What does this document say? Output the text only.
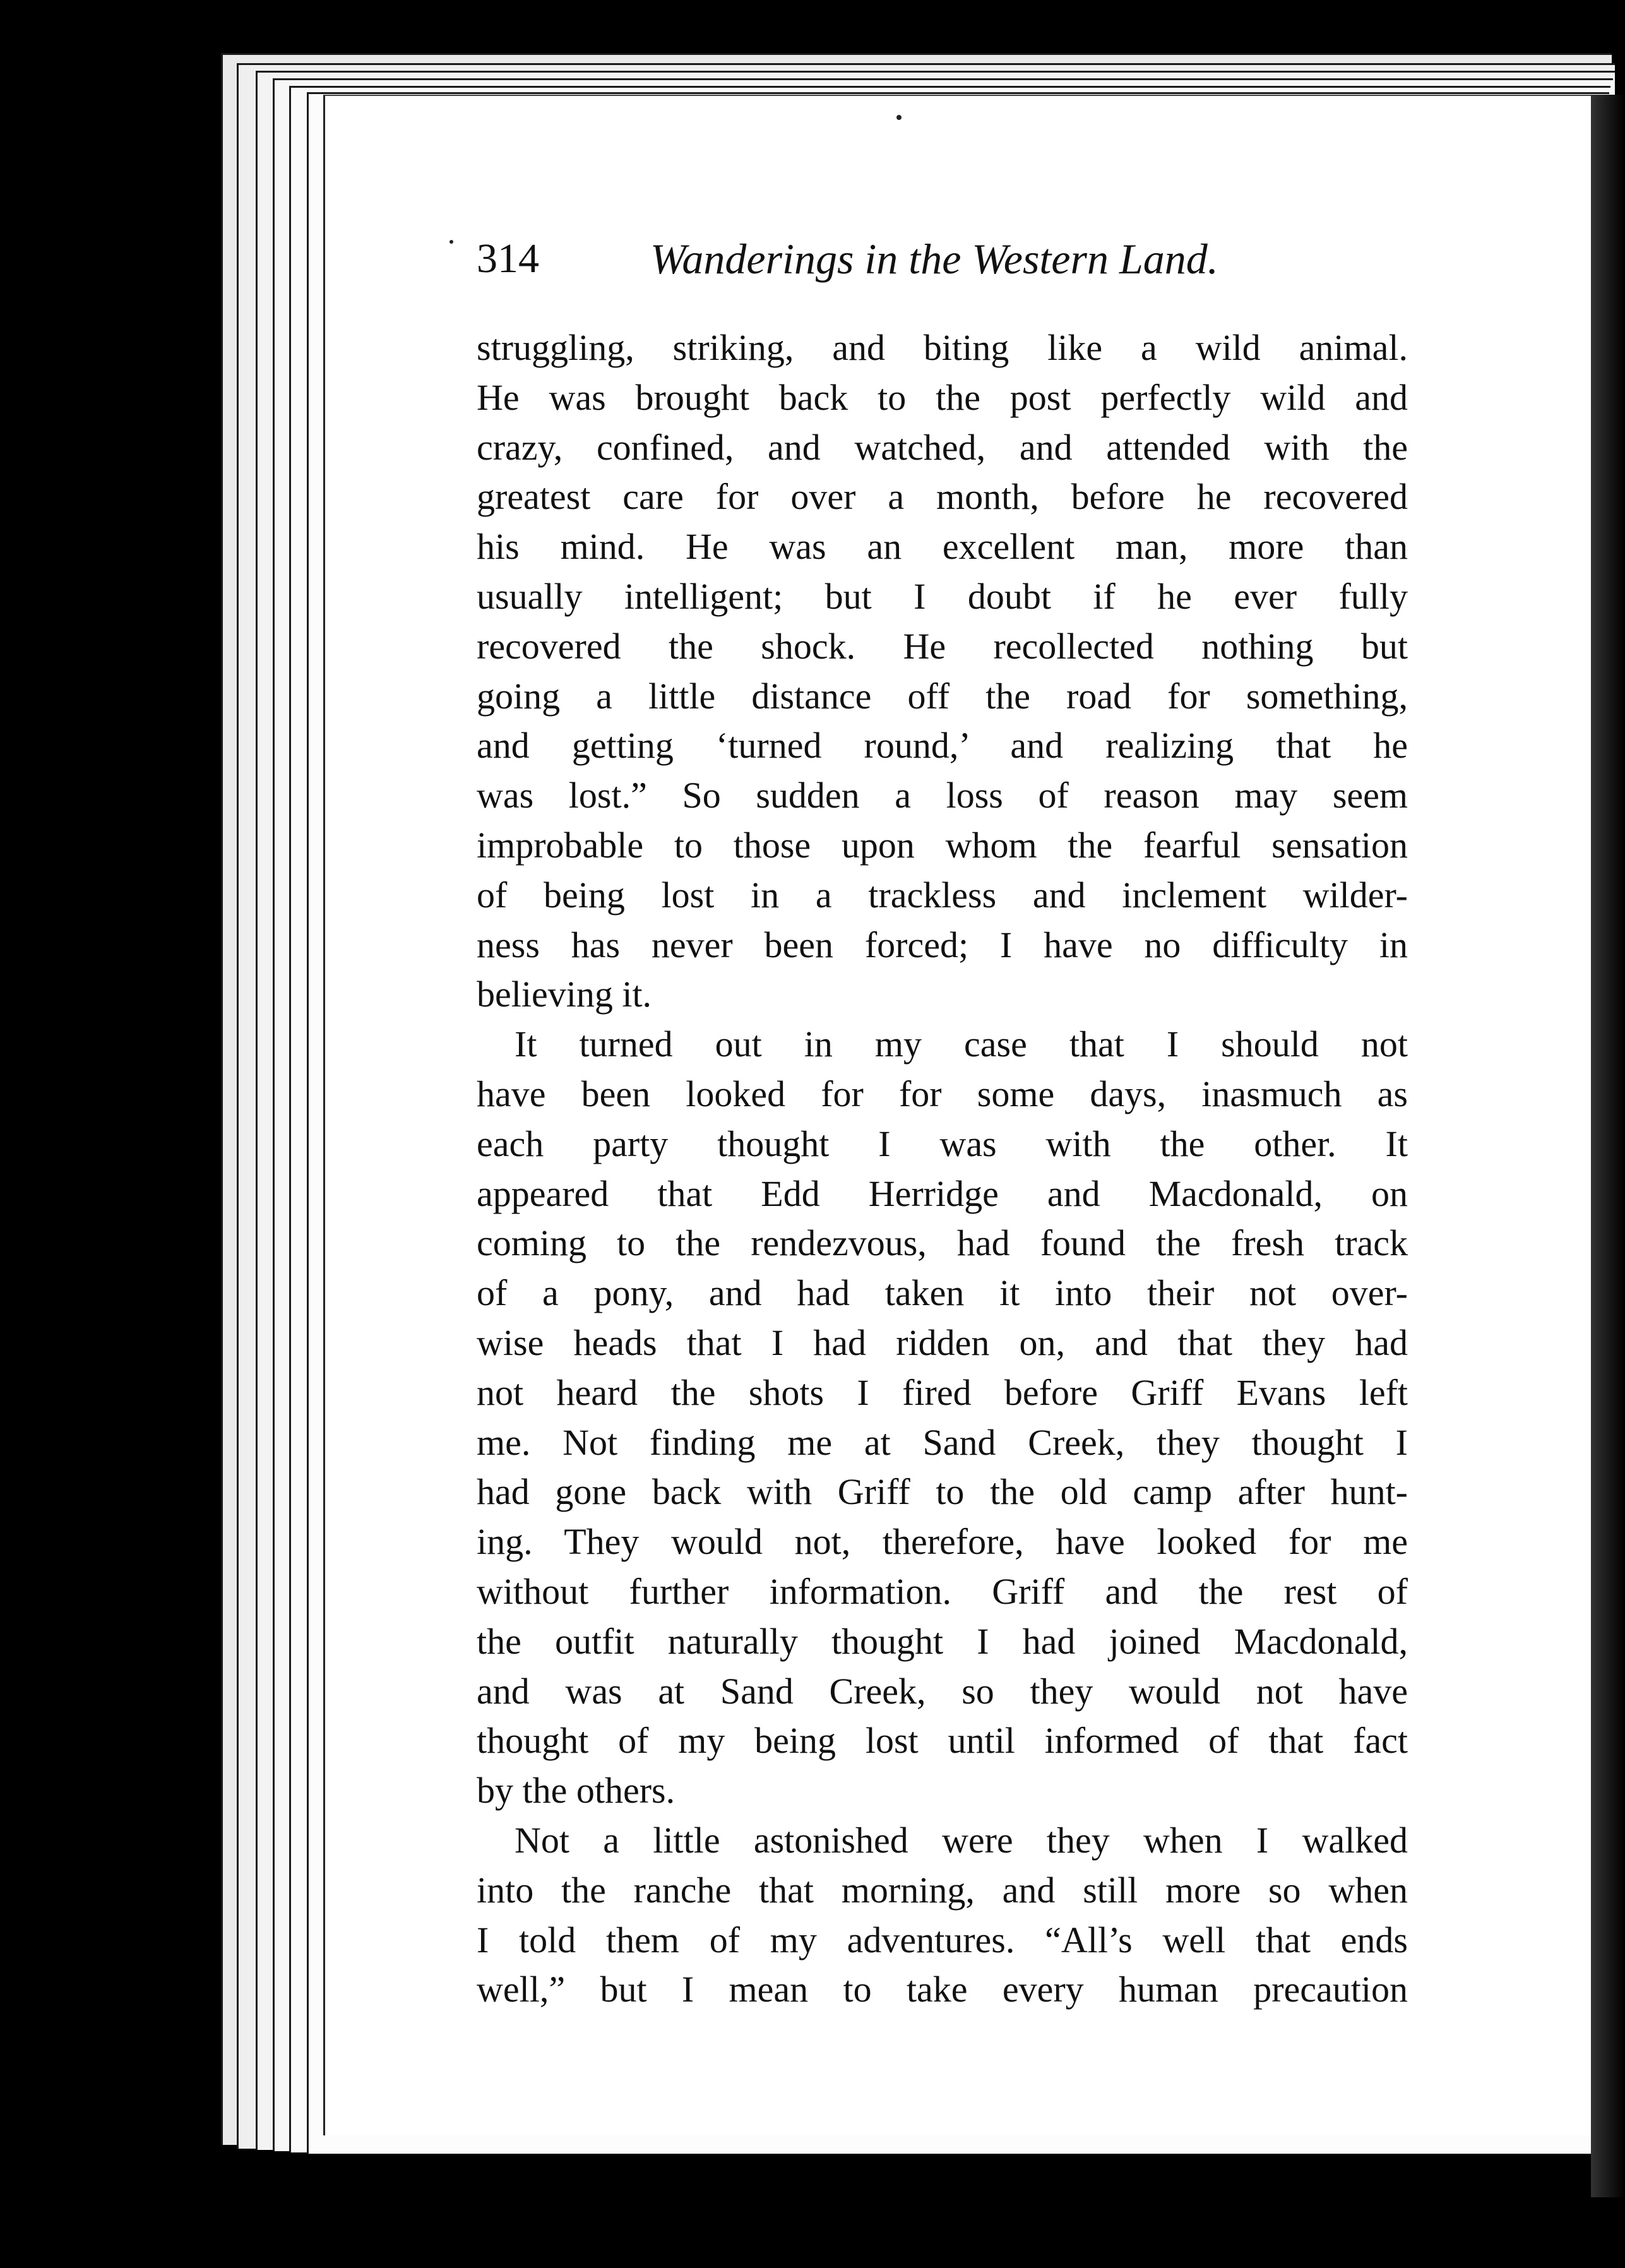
314	Wanderings in the Western Land.
struggling, striking, and biting like a wild animal.
He was brought back to the post perfectly wild and
crazy, confined, and watched, and attended with the
greatest care for over a month, before he recovered
his mind. He was an excellent man, more than
usually intelligent; but I doubt if he ever fully
recovered the shock. He recollected nothing but
going a little distance off the road for something,
and getting ‘turned round,’ and realizing that he
was lost.” So sudden a loss of reason may seem
improbable to those upon whom the fearful sensation
of being lost in a trackless and inclement wilder-
ness has never been forced; I have no difficulty in
believing it.
It turned out in my case that I should not
have been looked for for some days, inasmuch as
each party thought I was with the other. It
appeared that Edd Herridge and Macdonald, on
coming to the rendezvous, had found the fresh track
of a pony, and had taken it into their not over-
wise heads that I had ridden on, and that they had
not heard the shots I fired before Griff Evans left
me. Not finding me at Sand Creek, they thought I
had gone back with Griff to the old camp after hunt-
ing. They would not, therefore, have looked for me
without further information. Griff and the rest of
the outfit naturally thought I had joined Macdonald,
and was at Sand Creek, so they would not have
thought of my being lost until informed of that fact
by the others.
Not a little astonished were they when I walked
into the ranche that morning, and still more so when
I told them of my adventures. “All’s well that ends
well,” but I mean to take every human precaution
